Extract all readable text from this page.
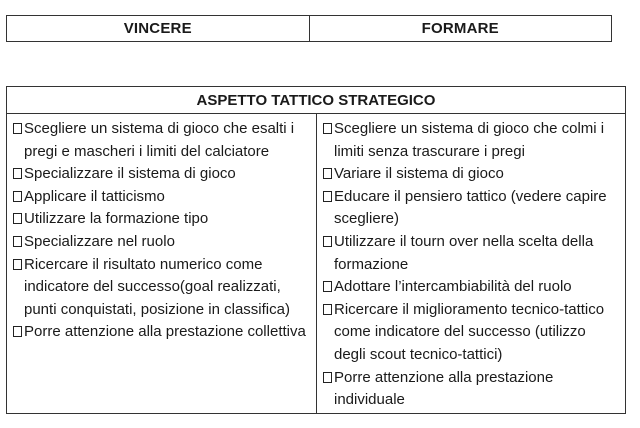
VINCERE	FORMARE
ASPETTO TATTICO STRATEGICO

Scegliere un sistema di gioco che esalti i pregi e mascheri i limiti del calciatore

Specializzare il sistema di gioco

Applicare il tatticismo

Utilizzare la formazione tipo

Specializzare nel ruolo

Ricercare il risultato numerico come indicatore del successo(goal realizzati, punti conquistati, posizione in classifica)

Porre attenzione alla prestazione collettiva

Scegliere un sistema di gioco che colmi i limiti senza trascurare i pregi

Variare il sistema di gioco

Educare il pensiero tattico (vedere capire scegliere)

Utilizzare il tourn over nella scelta della formazione

Adottare l’intercambiabilità del ruolo

Ricercare il miglioramento tecnico-tattico come indicatore del successo (utilizzo degli scout tecnico-tattici)

Porre attenzione alla prestazione individuale
